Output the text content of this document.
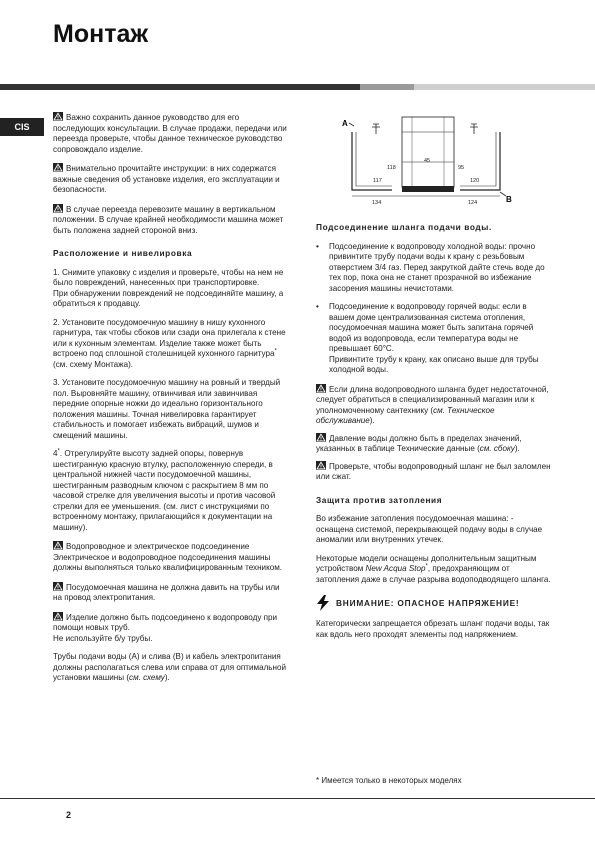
Монтаж
CIS

Важно сохранить данное руководство для его последующих консультации. В случае продажи, передачи или переезда проверьте, чтобы данное техническое руководство сопровождало изделие.

Внимательно прочитайте инструкции: в них содержатся важные сведения об установке изделия, его эксплуатации и безопасности.

В случае переезда перевозите машину в вертикальном положении. В случае крайней необходимости машина может быть положена задней стороной вниз.

Расположение и нивелировка

1. Снимите упаковку с изделия и проверьте, чтобы на нем не было повреждений, нанесенных при транспортировке.
При обнаружении повреждений не подсоединяйте машину, а обратиться к продавцу.

2. Установите посудомоечную машину в нишу кухонного гарнитура, так чтобы сбоков или сзади она прилегала к стене или к кухонным элементам. Изделие также может быть встроено под сплошной столешницей кухонного гарнитура* (см. схему Монтажа).

3. Установите посудомоечную машину на ровный и твердый пол. Выровняйте машину, отвинчивая или завинчивая передние опорные ножки до идеально горизонтального положения машины. Точная нивелировка гарантирует стабильность и помогает избежать вибраций, шумов и смещений машины.

4*. Отрегулируйте высоту задней опоры, повернув шестигранную красную втулку, расположенную спереди, в центральной нижней части посудомоечной машины, шестигранным разводным ключом с раскрытием 8 мм по часовой стрелке для увеличения высоты и против часовой стрелки для ее уменьшения. (см. лист с инструкциями по встроенному монтажу, прилагающийся к документации на машину).

Водопроводное и электрическое подсоединение Электрическое и водопроводное подсоединения машины должны выполняться только квалифицированным техником.

Посудомоечная машина не должна давить на трубы или на провод электропитания.

Изделие должно быть подсоединено к водопроводу при помощи новых труб.
Не используйте б/у трубы.

Трубы подачи воды (A) и слива (B) и кабель электропитания должны располагаться слева или справа от для оптимальной установки машины (см. схему).

A
B
45
118	95
117	120
134	124
Подсоединение шланга подачи воды.
• Подсоединение к водопроводу холодной воды: прочно привинтите трубу подачи воды к крану с резьбовым отверстием 3/4 газ. Перед закруткой дайте стечь воде до тех пор, пока она не станет прозрачной во избежание засорения машины нечистотами.
• Подсоединение к водопроводу горячей воды: если в вашем доме централизованная система отопления, посудомоечная машина может быть запитана горячей водой из водопровода, если температура воды не превышает 60°C.
Привинтите трубу к крану, как описано выше для трубы холодной воды.

Если длина водопроводного шланга будет недостаточной, следует обратиться в специализированный магазин или к уполномоченному сантехнику (см. Техническое обслуживание).

Давление воды должно быть в пределах значений, указанных в таблице Технические данные (см. сбоку).

Проверьте, чтобы водопроводный шланг не был заломлен или сжат.

Защита против затопления

Во избежание затопления посудомоечная машина: - оснащена системой, перекрывающей подачу воды в случае аномалии или внутренних утечек.

Некоторые модели оснащены дополнительным защитным устройством New Acqua Stop*, предохраняющим от затопления даже в случае разрыва водоподводящего шланга.

ВНИМАНИЕ: ОПАСНОЕ НАПРЯЖЕНИЕ!

Категорически запрещается обрезать шланг подачи воды, так как вдоль него проходят элементы под напряжением.

* Имеется только в некоторых моделях
2
